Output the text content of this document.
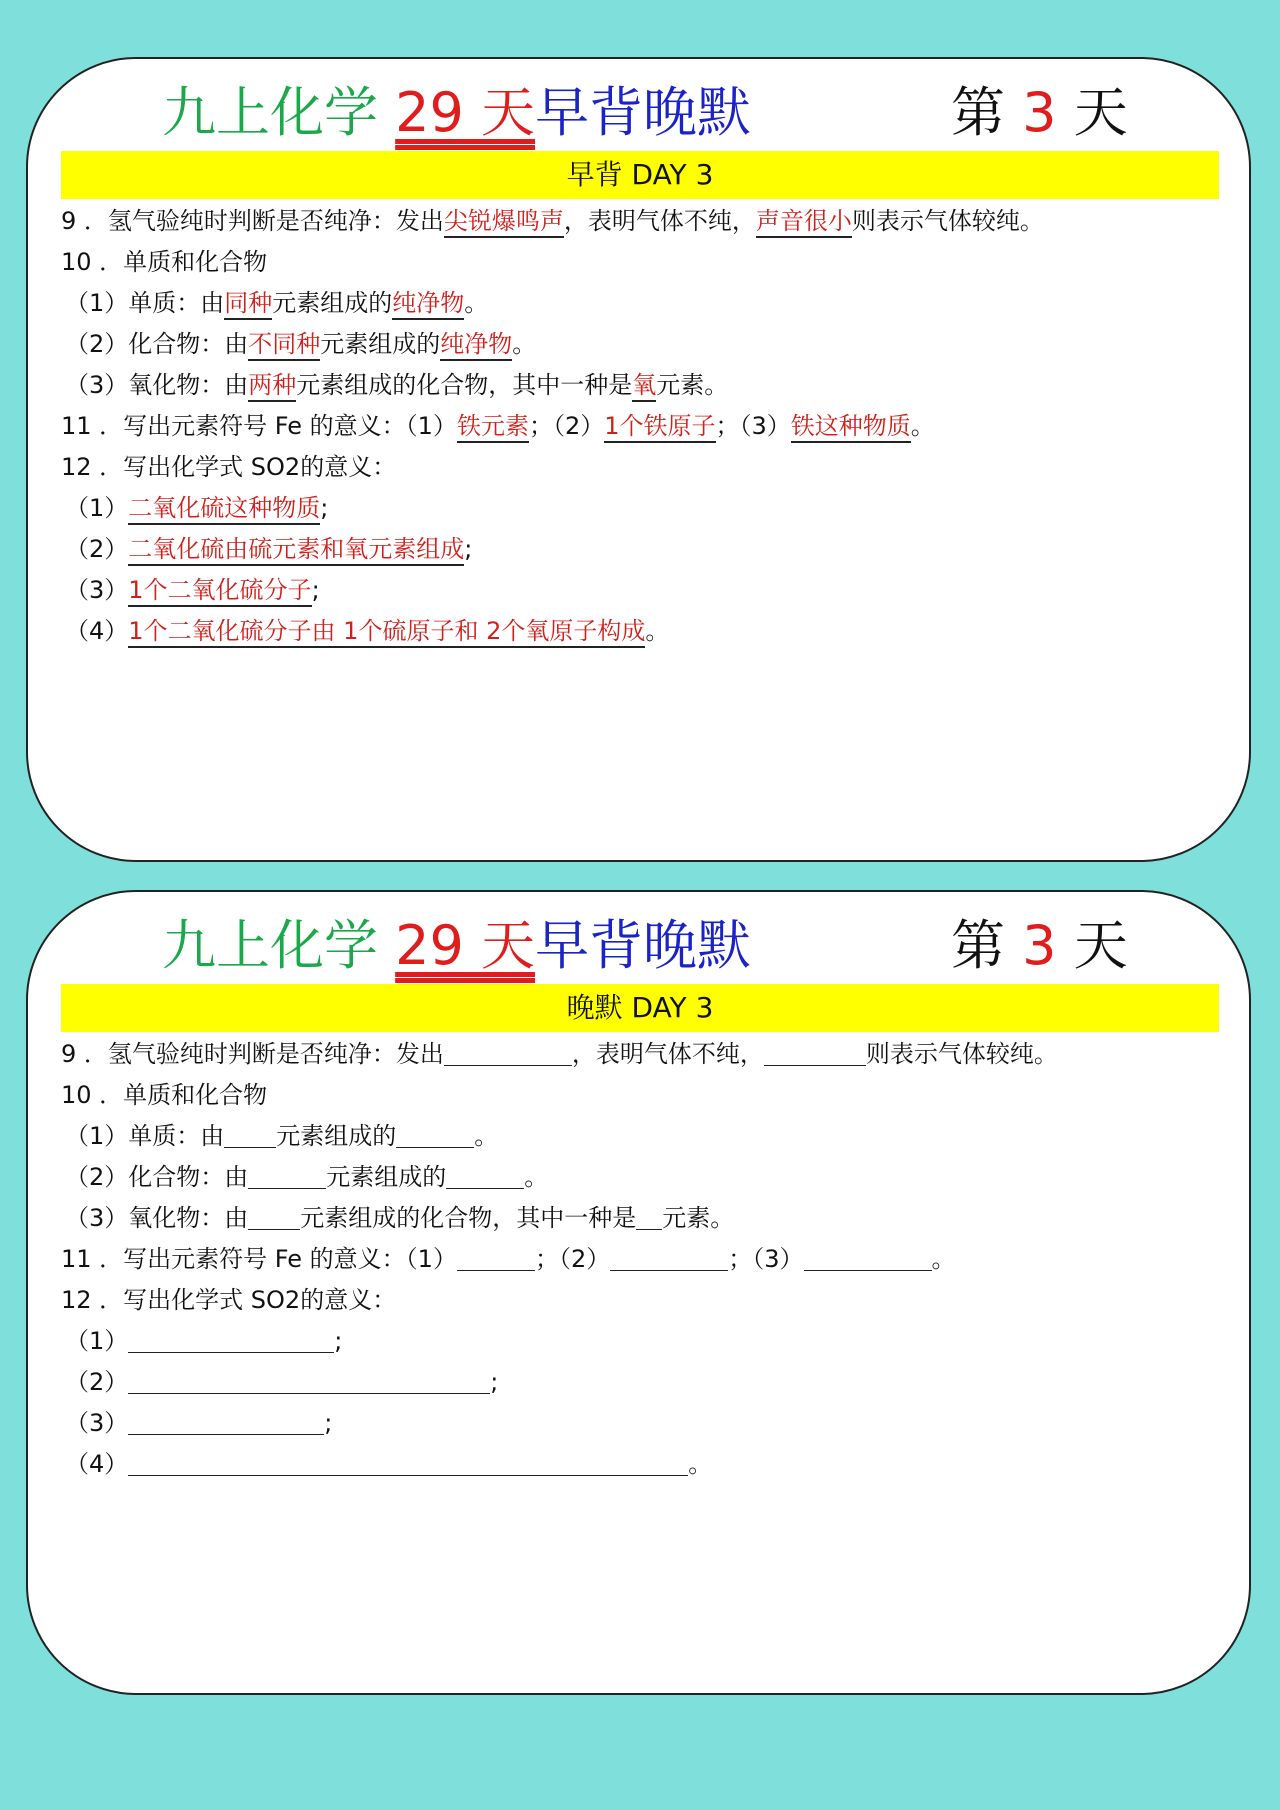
九上化学 29 天早背晚默	第 3 天
早背 DAY 3
9 ．氢气验纯时判断是否纯净：发出尖锐爆鸣声，表明气体不纯，声音很小则表示气体较纯。
10 ．单质和化合物
（1）单质：由同种元素组成的纯净物。
（2）化合物：由不同种元素组成的纯净物。
（3）氧化物：由两种元素组成的化合物，其中一种是氧元素。
11 ．写出元素符号 Fe 的意义：（1）铁元素；（2）1个铁原子；（3）铁这种物质。
12 ．写出化学式 SO2的意义：
（1）二氧化硫这种物质;
（2）二氧化硫由硫元素和氧元素组成;
（3）1个二氧化硫分子;
（4）1个二氧化硫分子由 1个硫原子和 2个氧原子构成。
九上化学 29 天早背晚默	第 3 天
晚默 DAY 3
9 ．氢气验纯时判断是否纯净：发出	，表明气体不纯，	则表示气体较纯。
10 ．单质和化合物
（1）单质：由 元素组成的	。
（2）化合物：由	元素组成的	。
（3）氧化物：由 元素组成的化合物，其中一种是 元素。
11 ．写出元素符号 Fe 的意义：（1）	；（2）	；（3）	。
12 ．写出化学式 SO2的意义：
（1）	;
（2）	;
（3）	;
（4）	。
